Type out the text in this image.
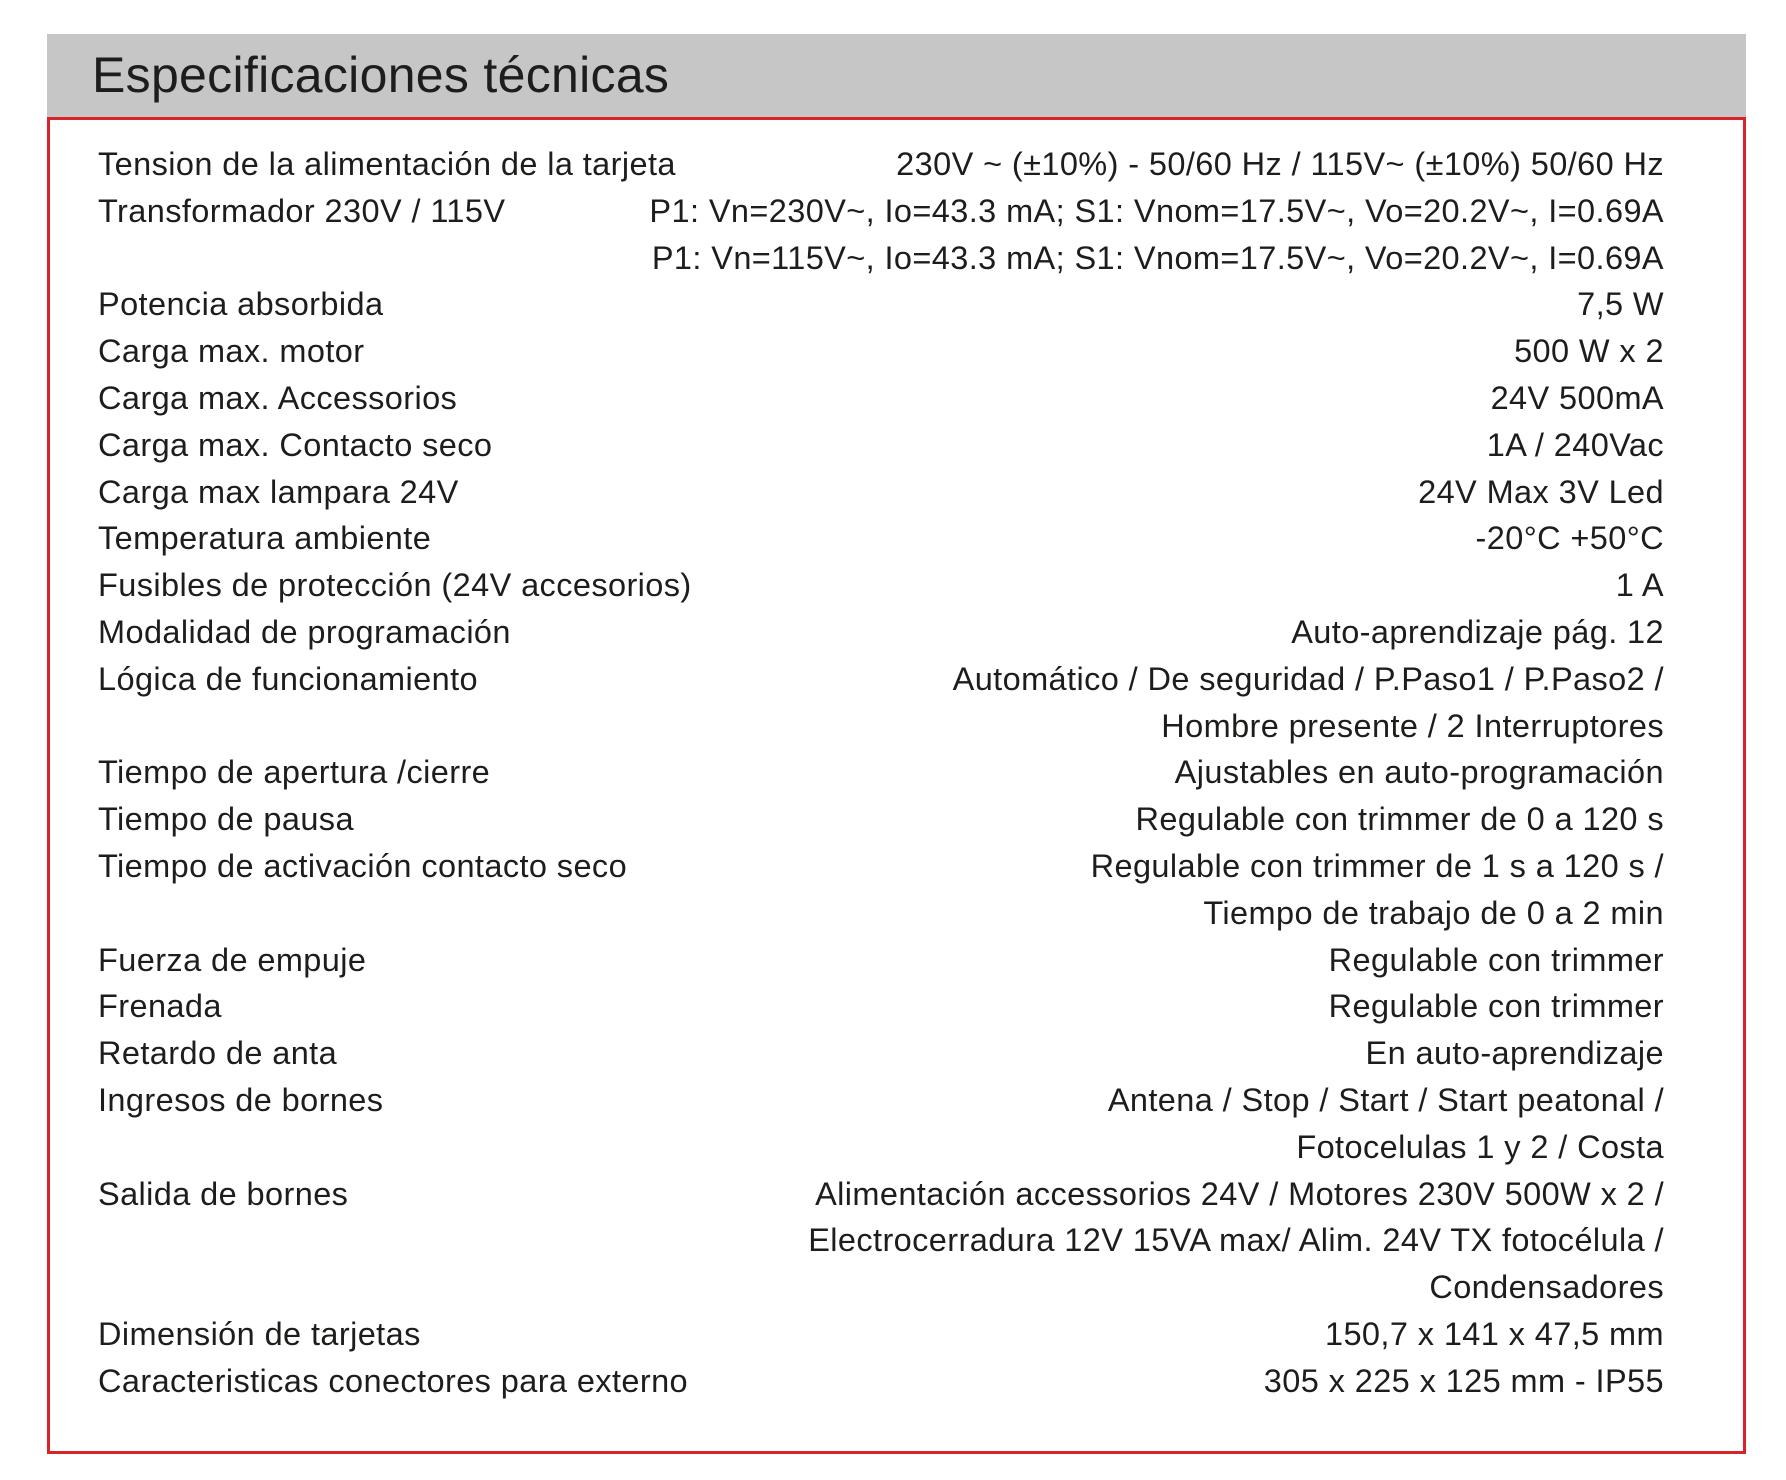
Especificaciones técnicas
Tension de la alimentación de la tarjeta	230V ~ (±10%) - 50/60 Hz / 115V~ (±10%) 50/60 Hz
Transformador 230V / 115V	P1: Vn=230V~, Io=43.3 mA; S1: Vnom=17.5V~, Vo=20.2V~, I=0.69A
P1: Vn=115V~, Io=43.3 mA; S1: Vnom=17.5V~, Vo=20.2V~, I=0.69A
Potencia absorbida	7,5 W
Carga max. motor	500 W x 2
Carga max. Accessorios	24V 500mA
Carga max. Contacto seco	1A / 240Vac
Carga max lampara 24V	24V Max 3V Led
Temperatura ambiente	-20°C +50°C
Fusibles de protección (24V accesorios)	1 A
Modalidad de programación	Auto-aprendizaje pág. 12
Lógica de funcionamiento	Automático / De seguridad / P.Paso1 / P.Paso2 /
Hombre presente / 2 Interruptores
Tiempo de apertura /cierre	Ajustables en auto-programación
Tiempo de pausa	Regulable con trimmer de 0 a 120 s
Tiempo de activación contacto seco	Regulable con trimmer de 1 s a 120 s /
Tiempo de trabajo de 0 a 2 min
Fuerza de empuje	Regulable con trimmer
Frenada	Regulable con trimmer
Retardo de anta	En auto-aprendizaje
Ingresos de bornes	Antena / Stop / Start / Start peatonal /
Fotocelulas 1 y 2 / Costa
Salida de bornes	Alimentación accessorios 24V / Motores 230V 500W x 2 /
Electrocerradura 12V 15VA max/ Alim. 24V TX fotocélula /
Condensadores
Dimensión de tarjetas	150,7 x 141 x 47,5 mm
Caracteristicas conectores para externo	305 x 225 x 125 mm - IP55
